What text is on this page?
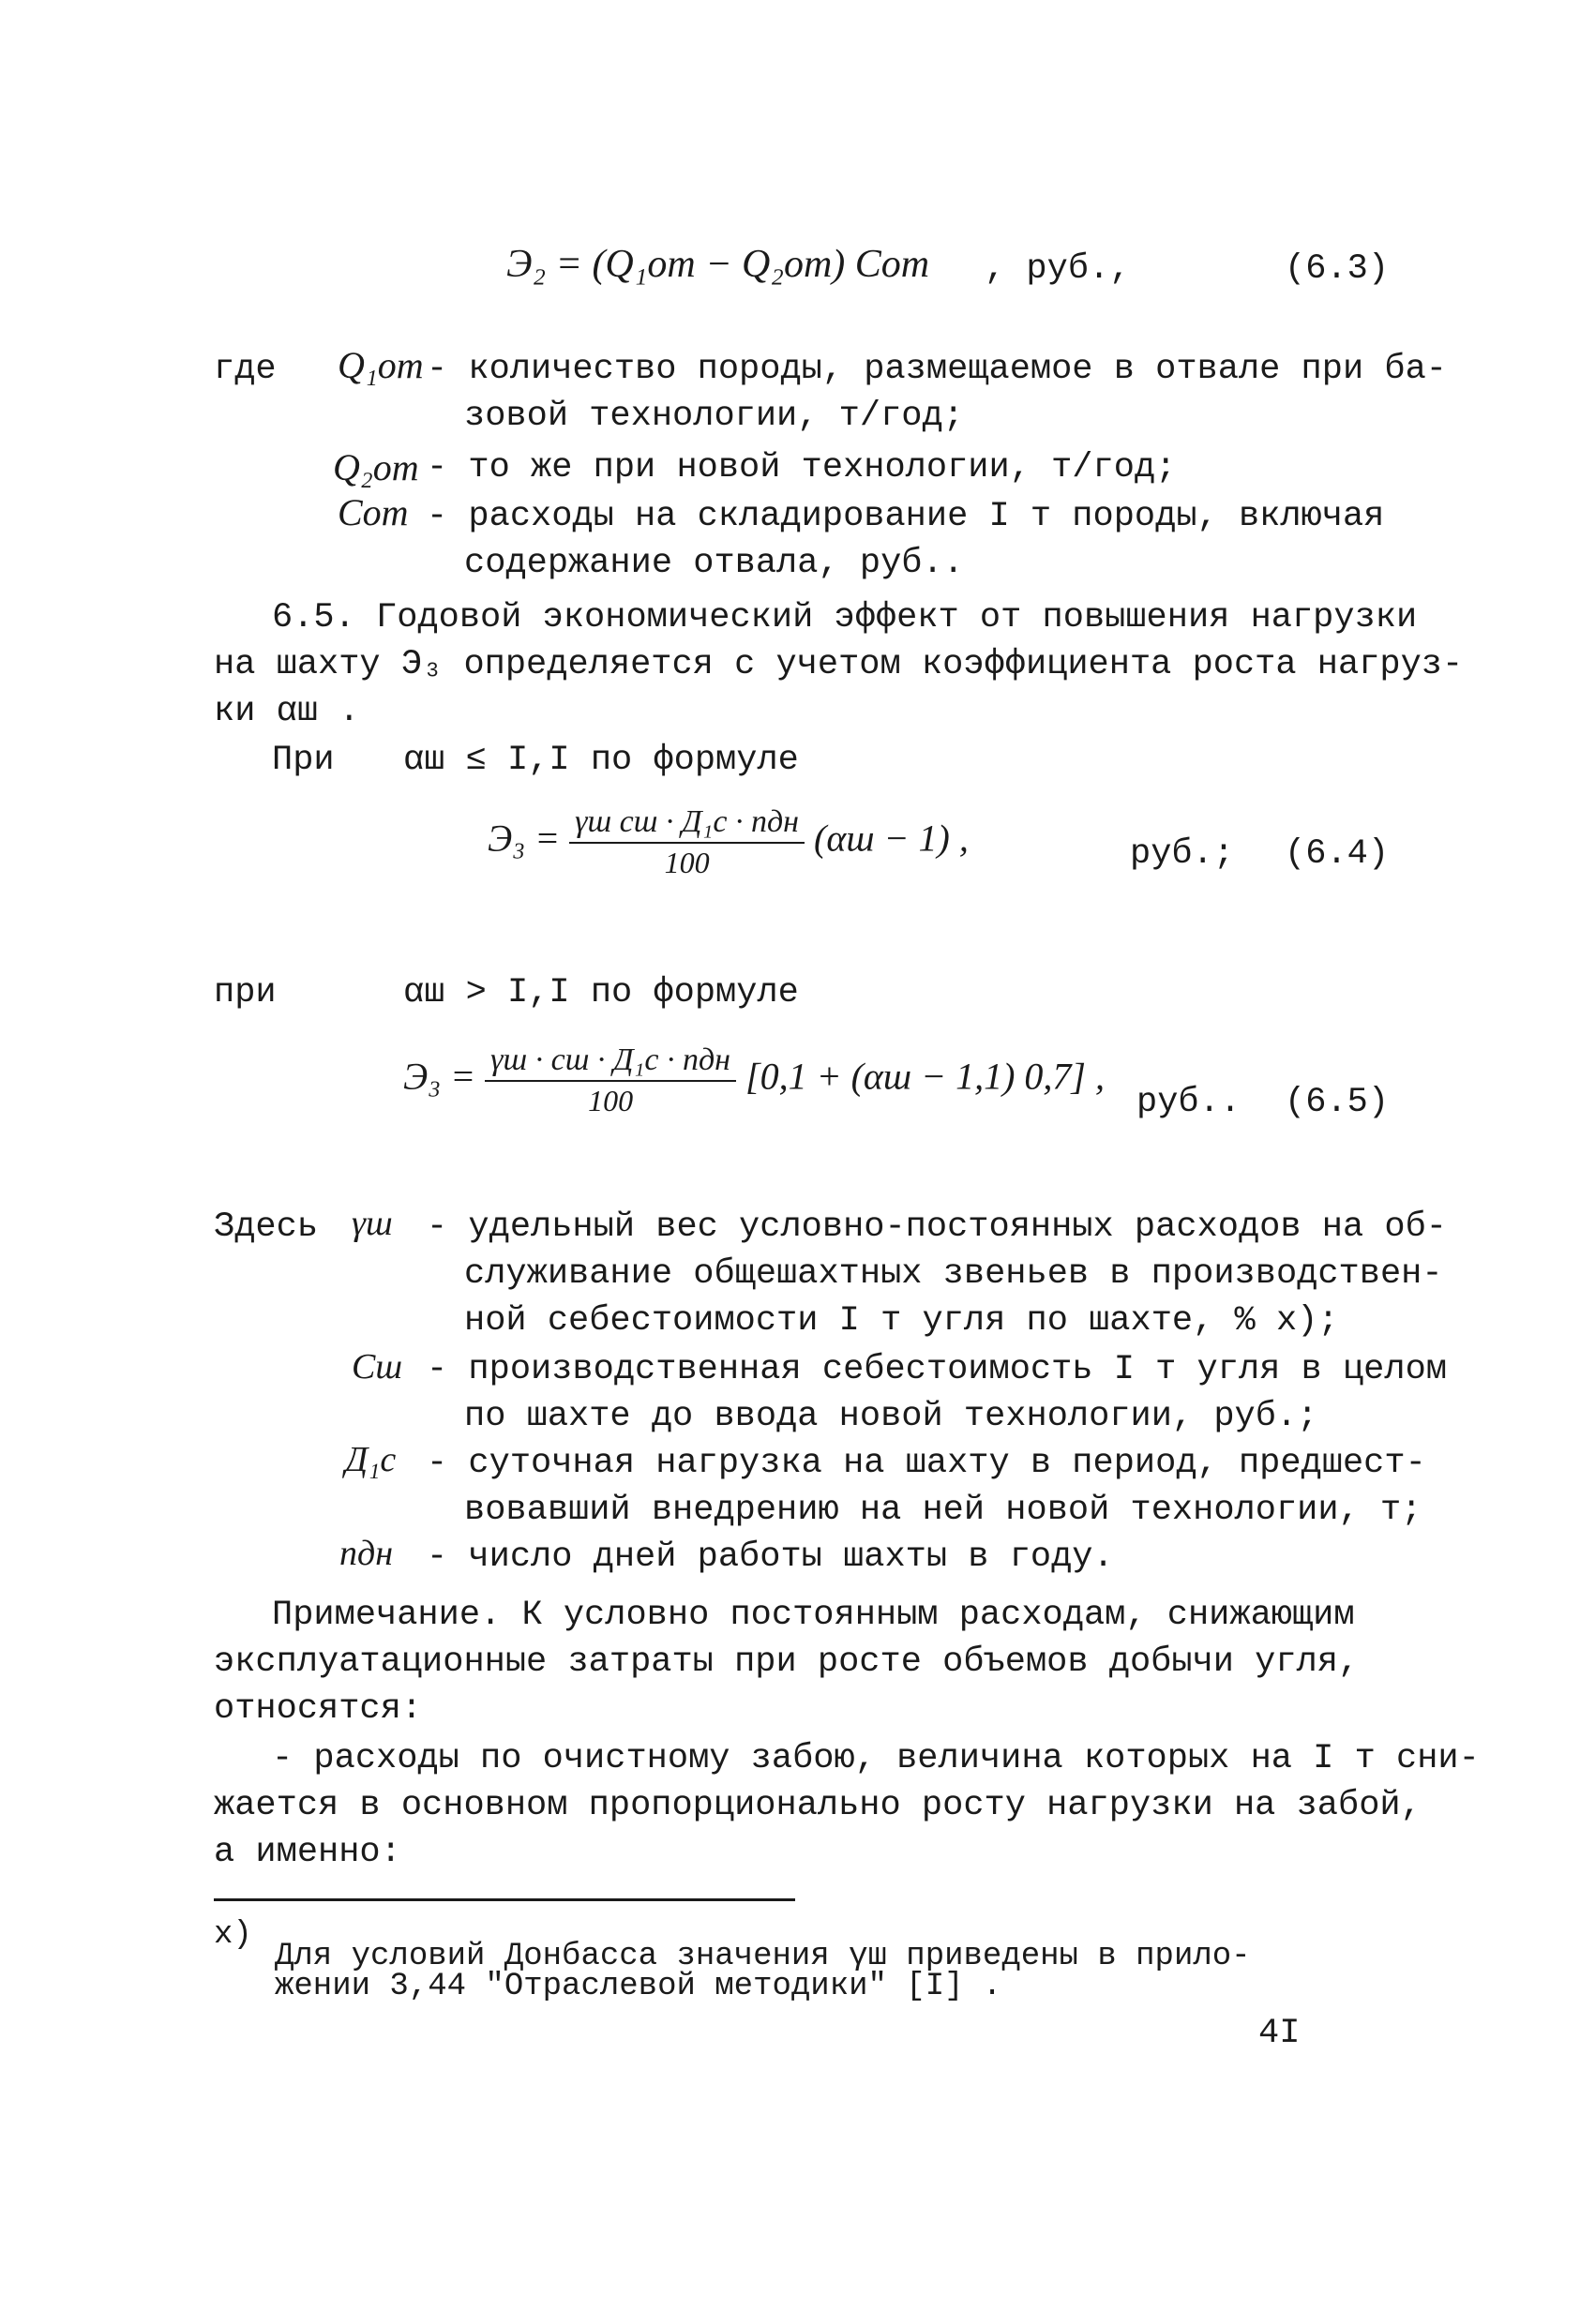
Э₂ = (Q₁от − Q₂от) Cот , руб.,	(6.3)
где Q₁от - количество породы, размещаемое в отвале при ба-
зовой технологии, т/год;
Q₂от - то же при новой технологии, т/год;
Cот - расходы на складирование I т породы, включая
содержание отвала, руб..
6.5. Годовой экономический эффект от повышения нагрузки
на шахту Э₃ определяется с учетом коэффициента роста нагруз-
ки αш .
При αш ≤ I,I по формуле
$Э_3 = \frac{\text{γш cш · Д₁с · nдн}}{100} (\alpha ш - 1)$ ,	руб.; (6.4)
при	αш > I,I по формуле
$Э_3 = \frac{\text{γш · cш · Д₁с · nдн}}{100} [0,1 + (\alpha ш - 1,1)$ 0,7] ,
руб.. (6.5)
Здесь γш - удельный вес условно-постоянных расходов на об-
служивание общешахтных звеньев в производствен-
ной себестоимости I т угля по шахте, % x);
Cш - производственная себестоимость I т угля в целом
по шахте до ввода новой технологии, руб.;
Д₁с - суточная нагрузка на шахту в период, предшест-
вовавший внедрению на ней новой технологии, т;
nдн - число дней работы шахты в году.
Примечание. К условно постоянным расходам, снижающим
эксплуатационные затраты при росте объемов добычи угля,
относятся:
- расходы по очистному забою, величина которых на I т сни-
жается в основном пропорционально росту нагрузки на забой,
а именно:
x)
Для условий Донбасса значения γш приведены в прило-
жении 3,44 "Отраслевой методики" [I] .
4I
